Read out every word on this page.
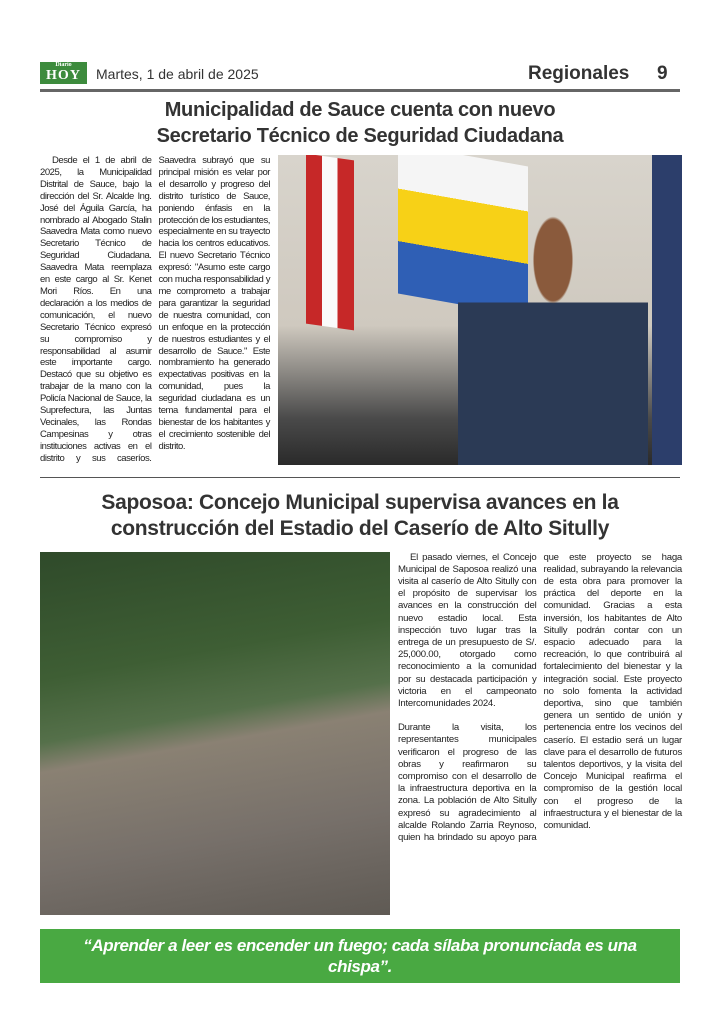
Diario
HOY	Martes, 1 de abril de 2025	Regionales 9
Municipalidad de Sauce cuenta con nuevo
Secretario Técnico de Seguridad Ciudadana

Desde el 1 de abril de 2025, la Municipalidad Distrital de Sauce, bajo la dirección del Sr. Alcalde Ing. José del Águila García, ha nombrado al Abogado Stalin Saavedra Mata como nuevo Secretario Técnico de Seguridad Ciudadana. Saavedra Mata reemplaza en este cargo al Sr. Kenet Mori Ríos. En una declaración a los medios de comunicación, el nuevo Secretario Técnico expresó su compromiso y responsabilidad al asumir este importante cargo. Destacó que su objetivo es trabajar de la mano con la Policía Nacional de Sauce, la Suprefectura, las Juntas Vecinales, las Rondas Campesinas y otras instituciones activas en el distrito y sus caseríos. Saavedra subrayó que su principal misión es velar por el desarrollo y progreso del distrito turístico de Sauce, poniendo énfasis en la protección de los estudiantes, especialmente en su trayecto hacia los centros educativos. El nuevo Secretario Técnico expresó: "Asumo este cargo con mucha responsabilidad y me comprometo a trabajar para garantizar la seguridad de nuestra comunidad, con un enfoque en la protección de nuestros estudiantes y el desarrollo de Sauce." Este nombramiento ha generado expectativas positivas en la comunidad, pues la seguridad ciudadana es un tema fundamental para el bienestar de los habitantes y el crecimiento sostenible del distrito.

Saposoa: Concejo Municipal supervisa avances en la
construcción del Estadio del Caserío de Alto Sitully

El pasado viernes, el Concejo Municipal de Saposoa realizó una visita al caserío de Alto Sitully con el propósito de supervisar los avances en la construcción del nuevo estadio local. Esta inspección tuvo lugar tras la entrega de un presupuesto de S/. 25,000.00, otorgado como reconocimiento a la comunidad por su destacada participación y victoria en el campeonato Intercomunidades 2024.

Durante la visita, los representantes municipales verificaron el progreso de las obras y reafirmaron su compromiso con el desarrollo de la infraestructura deportiva en la zona. La población de Alto Sitully expresó su agradecimiento al alcalde Rolando Zarria Reynoso, quien ha brindado su apoyo para que este proyecto se haga realidad, subrayando la relevancia de esta obra para promover la práctica del deporte en la comunidad. Gracias a esta inversión, los habitantes de Alto Sitully podrán contar con un espacio adecuado para la recreación, lo que contribuirá al fortalecimiento del bienestar y la integración social. Este proyecto no solo fomenta la actividad deportiva, sino que también genera un sentido de unión y pertenencia entre los vecinos del caserío. El estadio será un lugar clave para el desarrollo de futuros talentos deportivos, y la visita del Concejo Municipal reafirma el compromiso de la gestión local con el progreso de la infraestructura y el bienestar de la comunidad.

“Aprender a leer es encender un fuego; cada sílaba pronunciada es una chispa”.
